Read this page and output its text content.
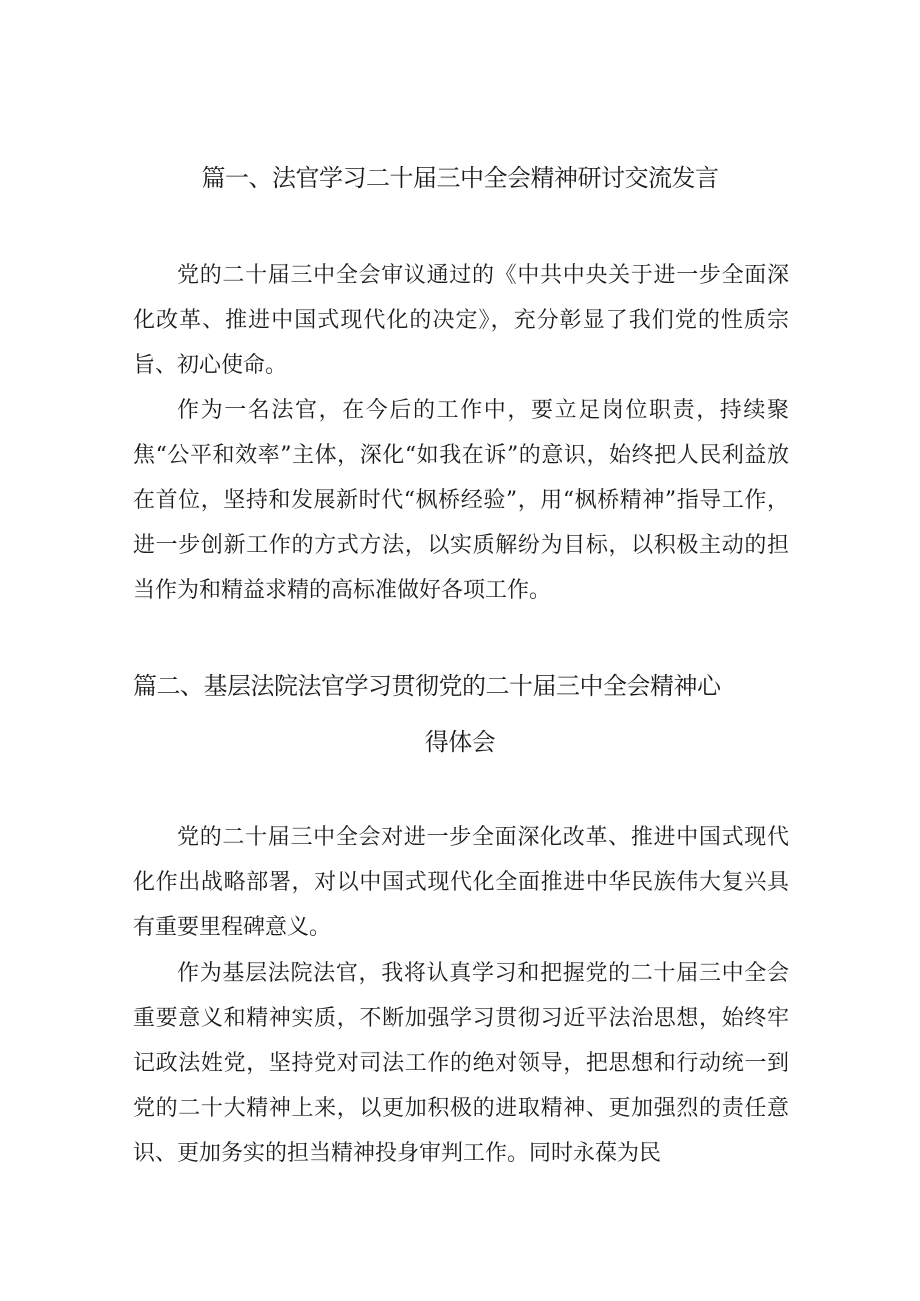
篇一、法官学习二十届三中全会精神研讨交流发言

党的二十届三中全会审议通过的《中共中央关于进一步全面深化改革、推进中国式现代化的决定》，充分彰显了我们党的性质宗旨、初心使命。

作为一名法官，在今后的工作中，要立足岗位职责，持续聚焦“公平和效率”主体，深化“如我在诉”的意识，始终把人民利益放在首位，坚持和发展新时代“枫桥经验”，用“枫桥精神”指导工作，进一步创新工作的方式方法，以实质解纷为目标，以积极主动的担当作为和精益求精的高标准做好各项工作。

篇二、基层法院法官学习贯彻党的二十届三中全会精神心
得体会

党的二十届三中全会对进一步全面深化改革、推进中国式现代化作出战略部署，对以中国式现代化全面推进中华民族伟大复兴具有重要里程碑意义。

作为基层法院法官，我将认真学习和把握党的二十届三中全会重要意义和精神实质，不断加强学习贯彻习近平法治思想，始终牢记政法姓党，坚持党对司法工作的绝对领导，把思想和行动统一到党的二十大精神上来，以更加积极的进取精神、更加强烈的责任意识、更加务实的担当精神投身审判工作。同时永葆为民
